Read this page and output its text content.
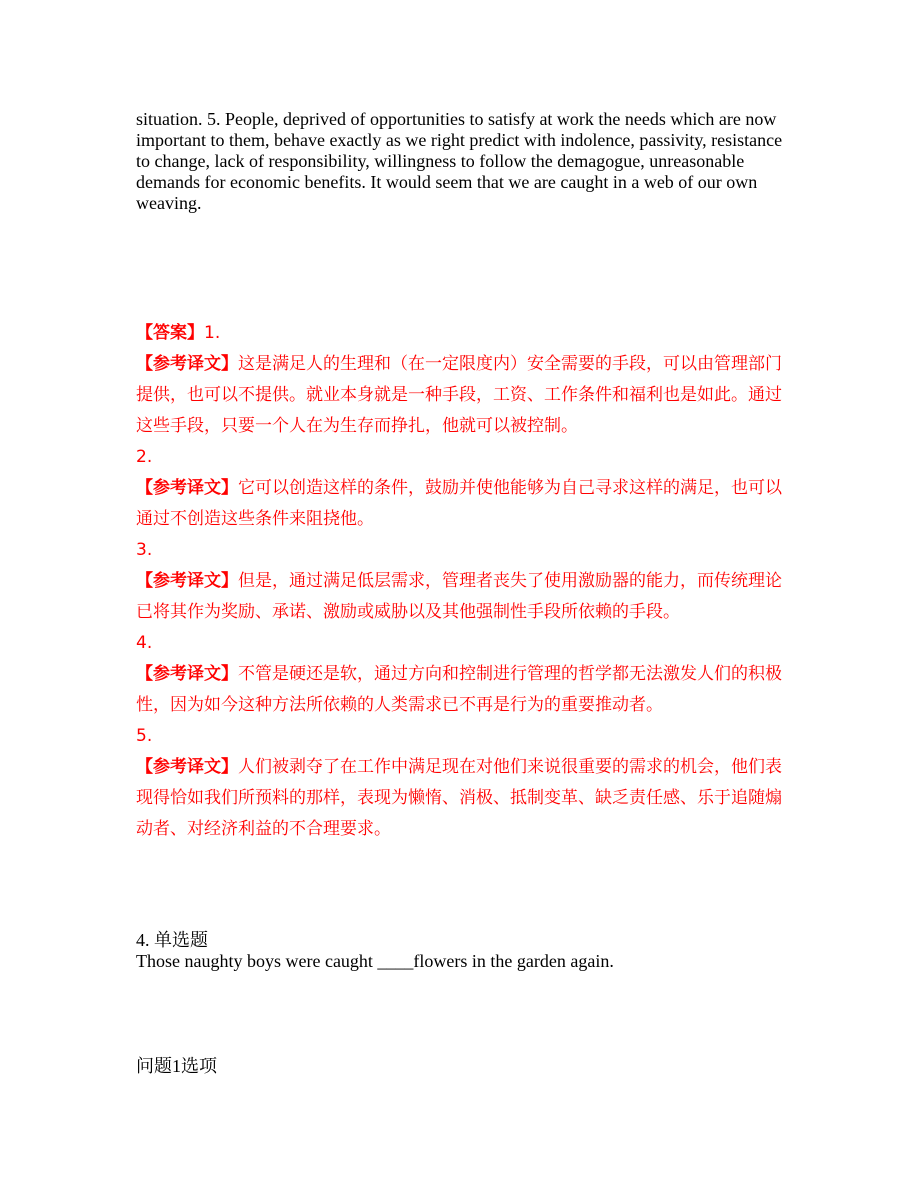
situation. 5. People, deprived of opportunities to satisfy at work the needs which are now important to them, behave exactly as we right predict with indolence, passivity, resistance to change, lack of responsibility, willingness to follow the demagogue, unreasonable demands for economic benefits. It would seem that we are caught in a web of our own weaving.

【答案】1.

【参考译文】这是满足人的生理和（在一定限度内）安全需要的手段，可以由管理部门提供，也可以不提供。就业本身就是一种手段，工资、工作条件和福利也是如此。通过这些手段，只要一个人在为生存而挣扎，他就可以被控制。

2.

【参考译文】它可以创造这样的条件，鼓励并使他能够为自己寻求这样的满足，也可以通过不创造这些条件来阻挠他。

3.

【参考译文】但是，通过满足低层需求，管理者丧失了使用激励器的能力，而传统理论已将其作为奖励、承诺、激励或威胁以及其他强制性手段所依赖的手段。

4.

【参考译文】不管是硬还是软，通过方向和控制进行管理的哲学都无法激发人们的积极性，因为如今这种方法所依赖的人类需求已不再是行为的重要推动者。

5.

【参考译文】人们被剥夺了在工作中满足现在对他们来说很重要的需求的机会，他们表现得恰如我们所预料的那样，表现为懒惰、消极、抵制变革、缺乏责任感、乐于追随煽动者、对经济利益的不合理要求。

4. 单选题

Those naughty boys were caught ____flowers in the garden again.

问题1选项
